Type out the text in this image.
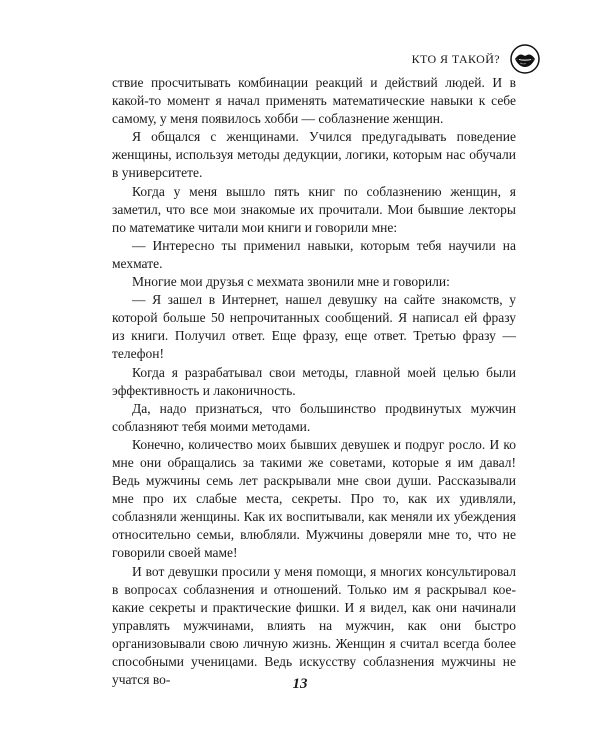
КТО Я ТАКОЙ?

ствие просчитывать комбинации реакций и действий людей. И в какой-то момент я начал применять математические навыки к себе самому, у меня появилось хобби — соблазнение женщин.

Я общался с женщинами. Учился предугадывать поведение женщины, используя методы дедукции, логики, которым нас обучали в университете.

Когда у меня вышло пять книг по соблазнению женщин, я заметил, что все мои знакомые их прочитали. Мои бывшие лекторы по математике читали мои книги и говорили мне:

— Интересно ты применил навыки, которым тебя научили на мехмате.

Многие мои друзья с мехмата звонили мне и говорили:

— Я зашел в Интернет, нашел девушку на сайте знакомств, у которой больше 50 непрочитанных сообщений. Я написал ей фразу из книги. Получил ответ. Еще фразу, еще ответ. Третью фразу — телефон!

Когда я разрабатывал свои методы, главной моей целью были эффективность и лаконичность.

Да, надо признаться, что большинство продвинутых мужчин соблазняют тебя моими методами.

Конечно, количество моих бывших девушек и подруг росло. И ко мне они обращались за такими же советами, которые я им давал! Ведь мужчины семь лет раскрывали мне свои души. Рассказывали мне про их слабые места, секреты. Про то, как их удивляли, соблазняли женщины. Как их воспитывали, как меняли их убеждения относительно семьи, влюбляли. Мужчины доверяли мне то, что не говорили своей маме!

И вот девушки просили у меня помощи, я многих консультировал в вопросах соблазнения и отношений. Только им я раскрывал кое-какие секреты и практические фишки. И я видел, как они начинали управлять мужчинами, влиять на мужчин, как они быстро организовывали свою личную жизнь. Женщин я считал всегда более способными ученицами. Ведь искусству соблазнения мужчины не учатся во-	13
